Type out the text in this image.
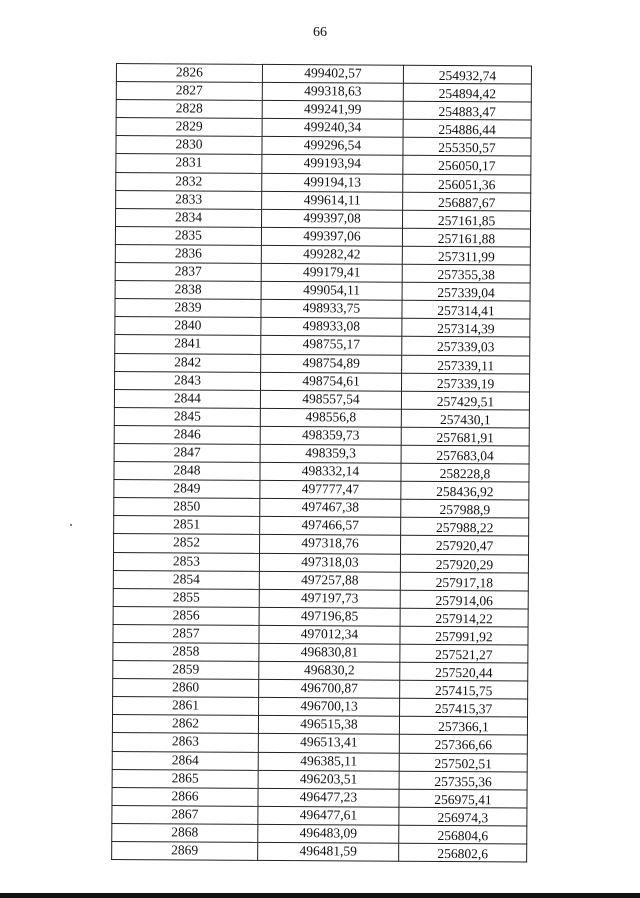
66
2826	499402,57	254932,74
2827	499318,63	254894,42
2828	499241,99	254883,47
2829	499240,34	254886,44
2830	499296,54	255350,57
2831	499193,94	256050,17
2832	499194,13	256051,36
2833	499614,11	256887,67
2834	499397,08	257161,85
2835	499397,06	257161,88
2836	499282,42	257311,99
2837	499179,41	257355,38
2838	499054,11	257339,04
2839	498933,75	257314,41
2840	498933,08	257314,39
2841	498755,17	257339,03
2842	498754,89	257339,11
2843	498754,61	257339,19
2844	498557,54	257429,51
2845	498556,8	257430,1
2846	498359,73	257681,91
2847	498359,3	257683,04
2848	498332,14	258228,8
2849	497777,47	258436,92
2850	497467,38	257988,9
2851	497466,57	257988,22
2852	497318,76	257920,47
2853	497318,03	257920,29
2854	497257,88	257917,18
2855	497197,73	257914,06
2856	497196,85	257914,22
2857	497012,34	257991,92
2858	496830,81	257521,27
2859	496830,2	257520,44
2860	496700,87	257415,75
2861	496700,13	257415,37
2862	496515,38	257366,1
2863	496513,41	257366,66
2864	496385,11	257502,51
2865	496203,51	257355,36
2866	496477,23	256975,41
2867	496477,61	256974,3
2868	496483,09	256804,6
2869	496481,59	256802,6
